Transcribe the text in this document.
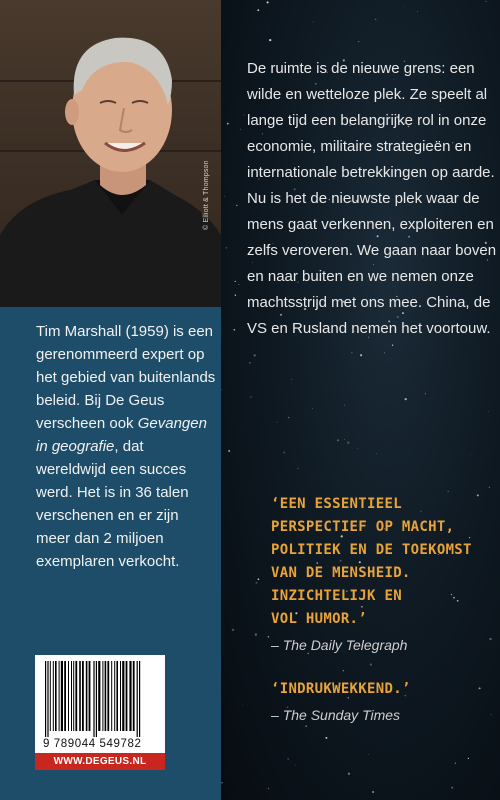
© Elliott & Thompson

Tim Marshall (1959) is een gerenommeerd expert op het gebied van buitenlands beleid. Bij De Geus verscheen ook Gevangen in geografie, dat wereldwijd een succes werd. Het is in 36 talen verschenen en er zijn meer dan 2 miljoen exemplaren verkocht.

9 789044 549782
WWW.DEGEUS.NL
De ruimte is de nieuwe grens: een wilde en wetteloze plek. Ze speelt al lange tijd een belangrijke rol in onze economie, militaire strategieën en internationale betrekkingen op aarde. Nu is het de nieuwste plek waar de mens gaat verkennen, exploiteren en zelfs veroveren. We gaan naar boven en naar buiten en we nemen onze machtsstrijd met ons mee. China, de VS en Rusland nemen het voortouw.
‘EEN ESSENTIEEL
PERSPECTIEF OP MACHT,
POLITIEK EN DE TOEKOMST
VAN DE MENSHEID.
INZICHTELIJK EN
VOL HUMOR.’
– The Daily Telegraph
‘INDRUKWEKKEND.’
– The Sunday Times
